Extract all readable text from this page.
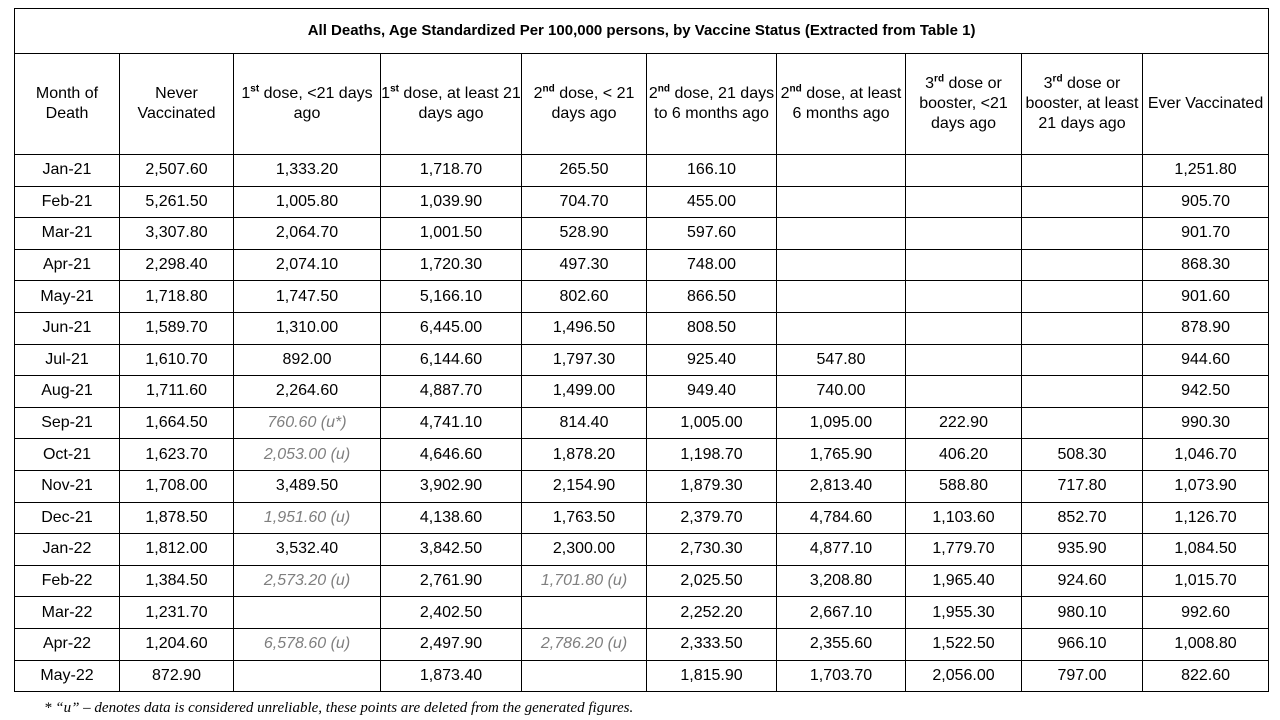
All Deaths, Age Standardized Per 100,000 persons, by Vaccine Status (Extracted from Table 1)									
Month of Death	Never Vaccinated	1st dose, <21 days ago	1st dose, at least 21 days ago	2nd dose, < 21 days ago	2nd dose, 21 days to 6 months ago	2nd dose, at least 6 months ago	3rd dose or booster, <21 days ago	3rd dose or booster, at least 21 days ago	Ever Vaccinated
Jan-21	2,507.60	1,333.20	1,718.70	265.50	166.10				1,251.80
Feb-21	5,261.50	1,005.80	1,039.90	704.70	455.00				905.70
Mar-21	3,307.80	2,064.70	1,001.50	528.90	597.60				901.70
Apr-21	2,298.40	2,074.10	1,720.30	497.30	748.00				868.30
May-21	1,718.80	1,747.50	5,166.10	802.60	866.50				901.60
Jun-21	1,589.70	1,310.00	6,445.00	1,496.50	808.50				878.90
Jul-21	1,610.70	892.00	6,144.60	1,797.30	925.40	547.80			944.60
Aug-21	1,711.60	2,264.60	4,887.70	1,499.00	949.40	740.00			942.50
Sep-21	1,664.50	760.60 (u*)	4,741.10	814.40	1,005.00	1,095.00	222.90		990.30
Oct-21	1,623.70	2,053.00 (u)	4,646.60	1,878.20	1,198.70	1,765.90	406.20	508.30	1,046.70
Nov-21	1,708.00	3,489.50	3,902.90	2,154.90	1,879.30	2,813.40	588.80	717.80	1,073.90
Dec-21	1,878.50	1,951.60 (u)	4,138.60	1,763.50	2,379.70	4,784.60	1,103.60	852.70	1,126.70
Jan-22	1,812.00	3,532.40	3,842.50	2,300.00	2,730.30	4,877.10	1,779.70	935.90	1,084.50
Feb-22	1,384.50	2,573.20 (u)	2,761.90	1,701.80 (u)	2,025.50	3,208.80	1,965.40	924.60	1,015.70
Mar-22	1,231.70		2,402.50		2,252.20	2,667.10	1,955.30	980.10	992.60
Apr-22	1,204.60	6,578.60 (u)	2,497.90	2,786.20 (u)	2,333.50	2,355.60	1,522.50	966.10	1,008.80
May-22	872.90		1,873.40		1,815.90	1,703.70	2,056.00	797.00	822.60
* “u” – denotes data is considered unreliable, these points are deleted from the generated figures.
